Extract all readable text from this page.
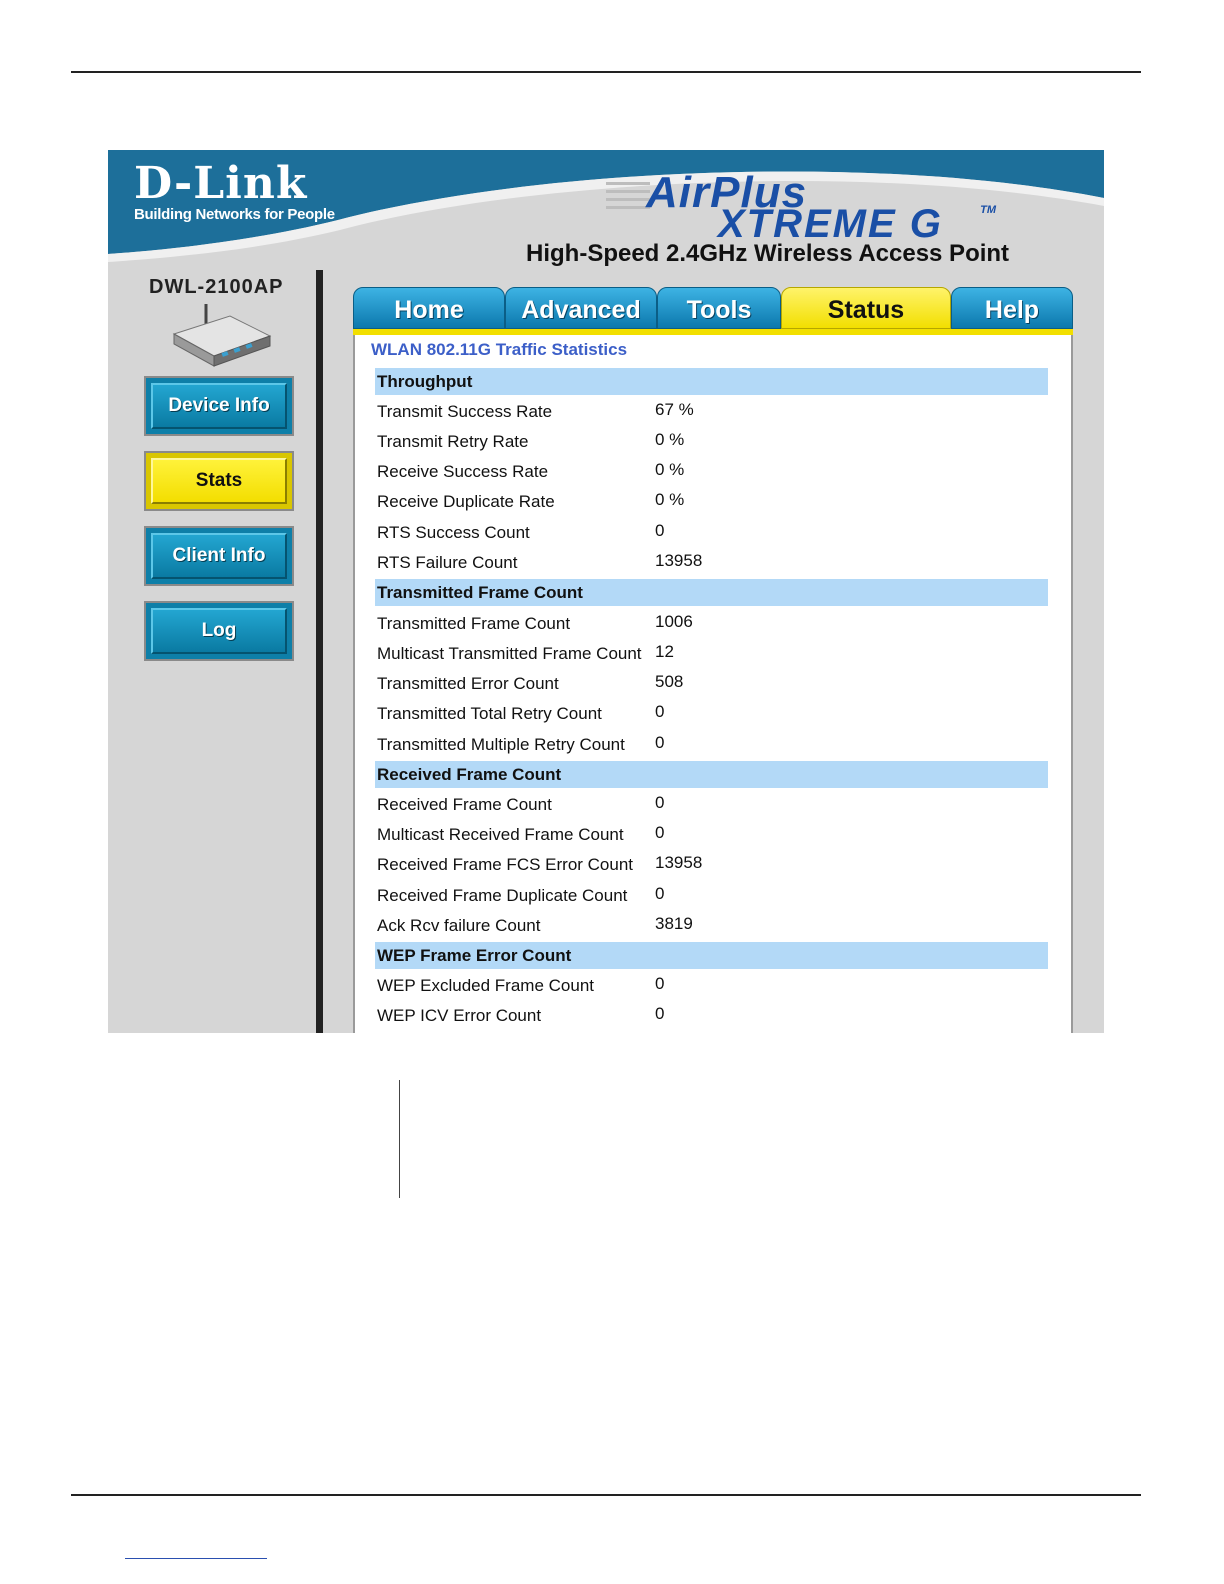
D-Link
Building Networks for People	AirPlus
XTREME G	TM
High-Speed 2.4GHz Wireless Access Point
DWL-2100AP
Device Info
Stats
Client Info
Log
Home Advanced Tools	Status	Help
WLAN 802.11G Traffic Statistics
Throughput
Transmit Success Rate	67 %
Transmit Retry Rate	0 %
Receive Success Rate	0 %
Receive Duplicate Rate	0 %
RTS Success Count	0
RTS Failure Count	13958
Transmitted Frame Count
Transmitted Frame Count	1006
Multicast Transmitted Frame Count 12
Transmitted Error Count	508
Transmitted Total Retry Count	0
Transmitted Multiple Retry Count 0
Received Frame Count
Received Frame Count	0
Multicast Received Frame Count 0
Received Frame FCS Error Count 13958
Received Frame Duplicate Count 0
Ack Rcv failure Count	3819
WEP Frame Error Count
WEP Excluded Frame Count	0
WEP ICV Error Count	0
